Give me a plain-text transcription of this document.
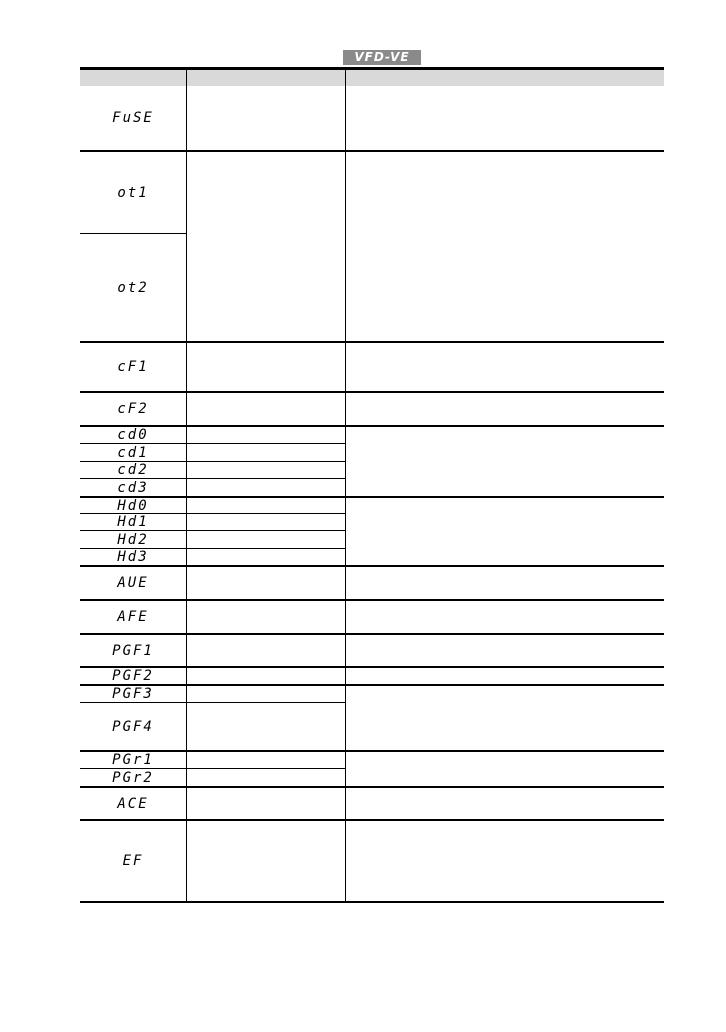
VFD-VE
FuSE
ot1
ot2
cF1
cF2
cd0
cd1
cd2
cd3
Hd0
Hd1
Hd2
Hd3
AUE
AFE
PGF1
PGF2
PGF3
PGF4
PGr1
PGr2
ACE
EF
